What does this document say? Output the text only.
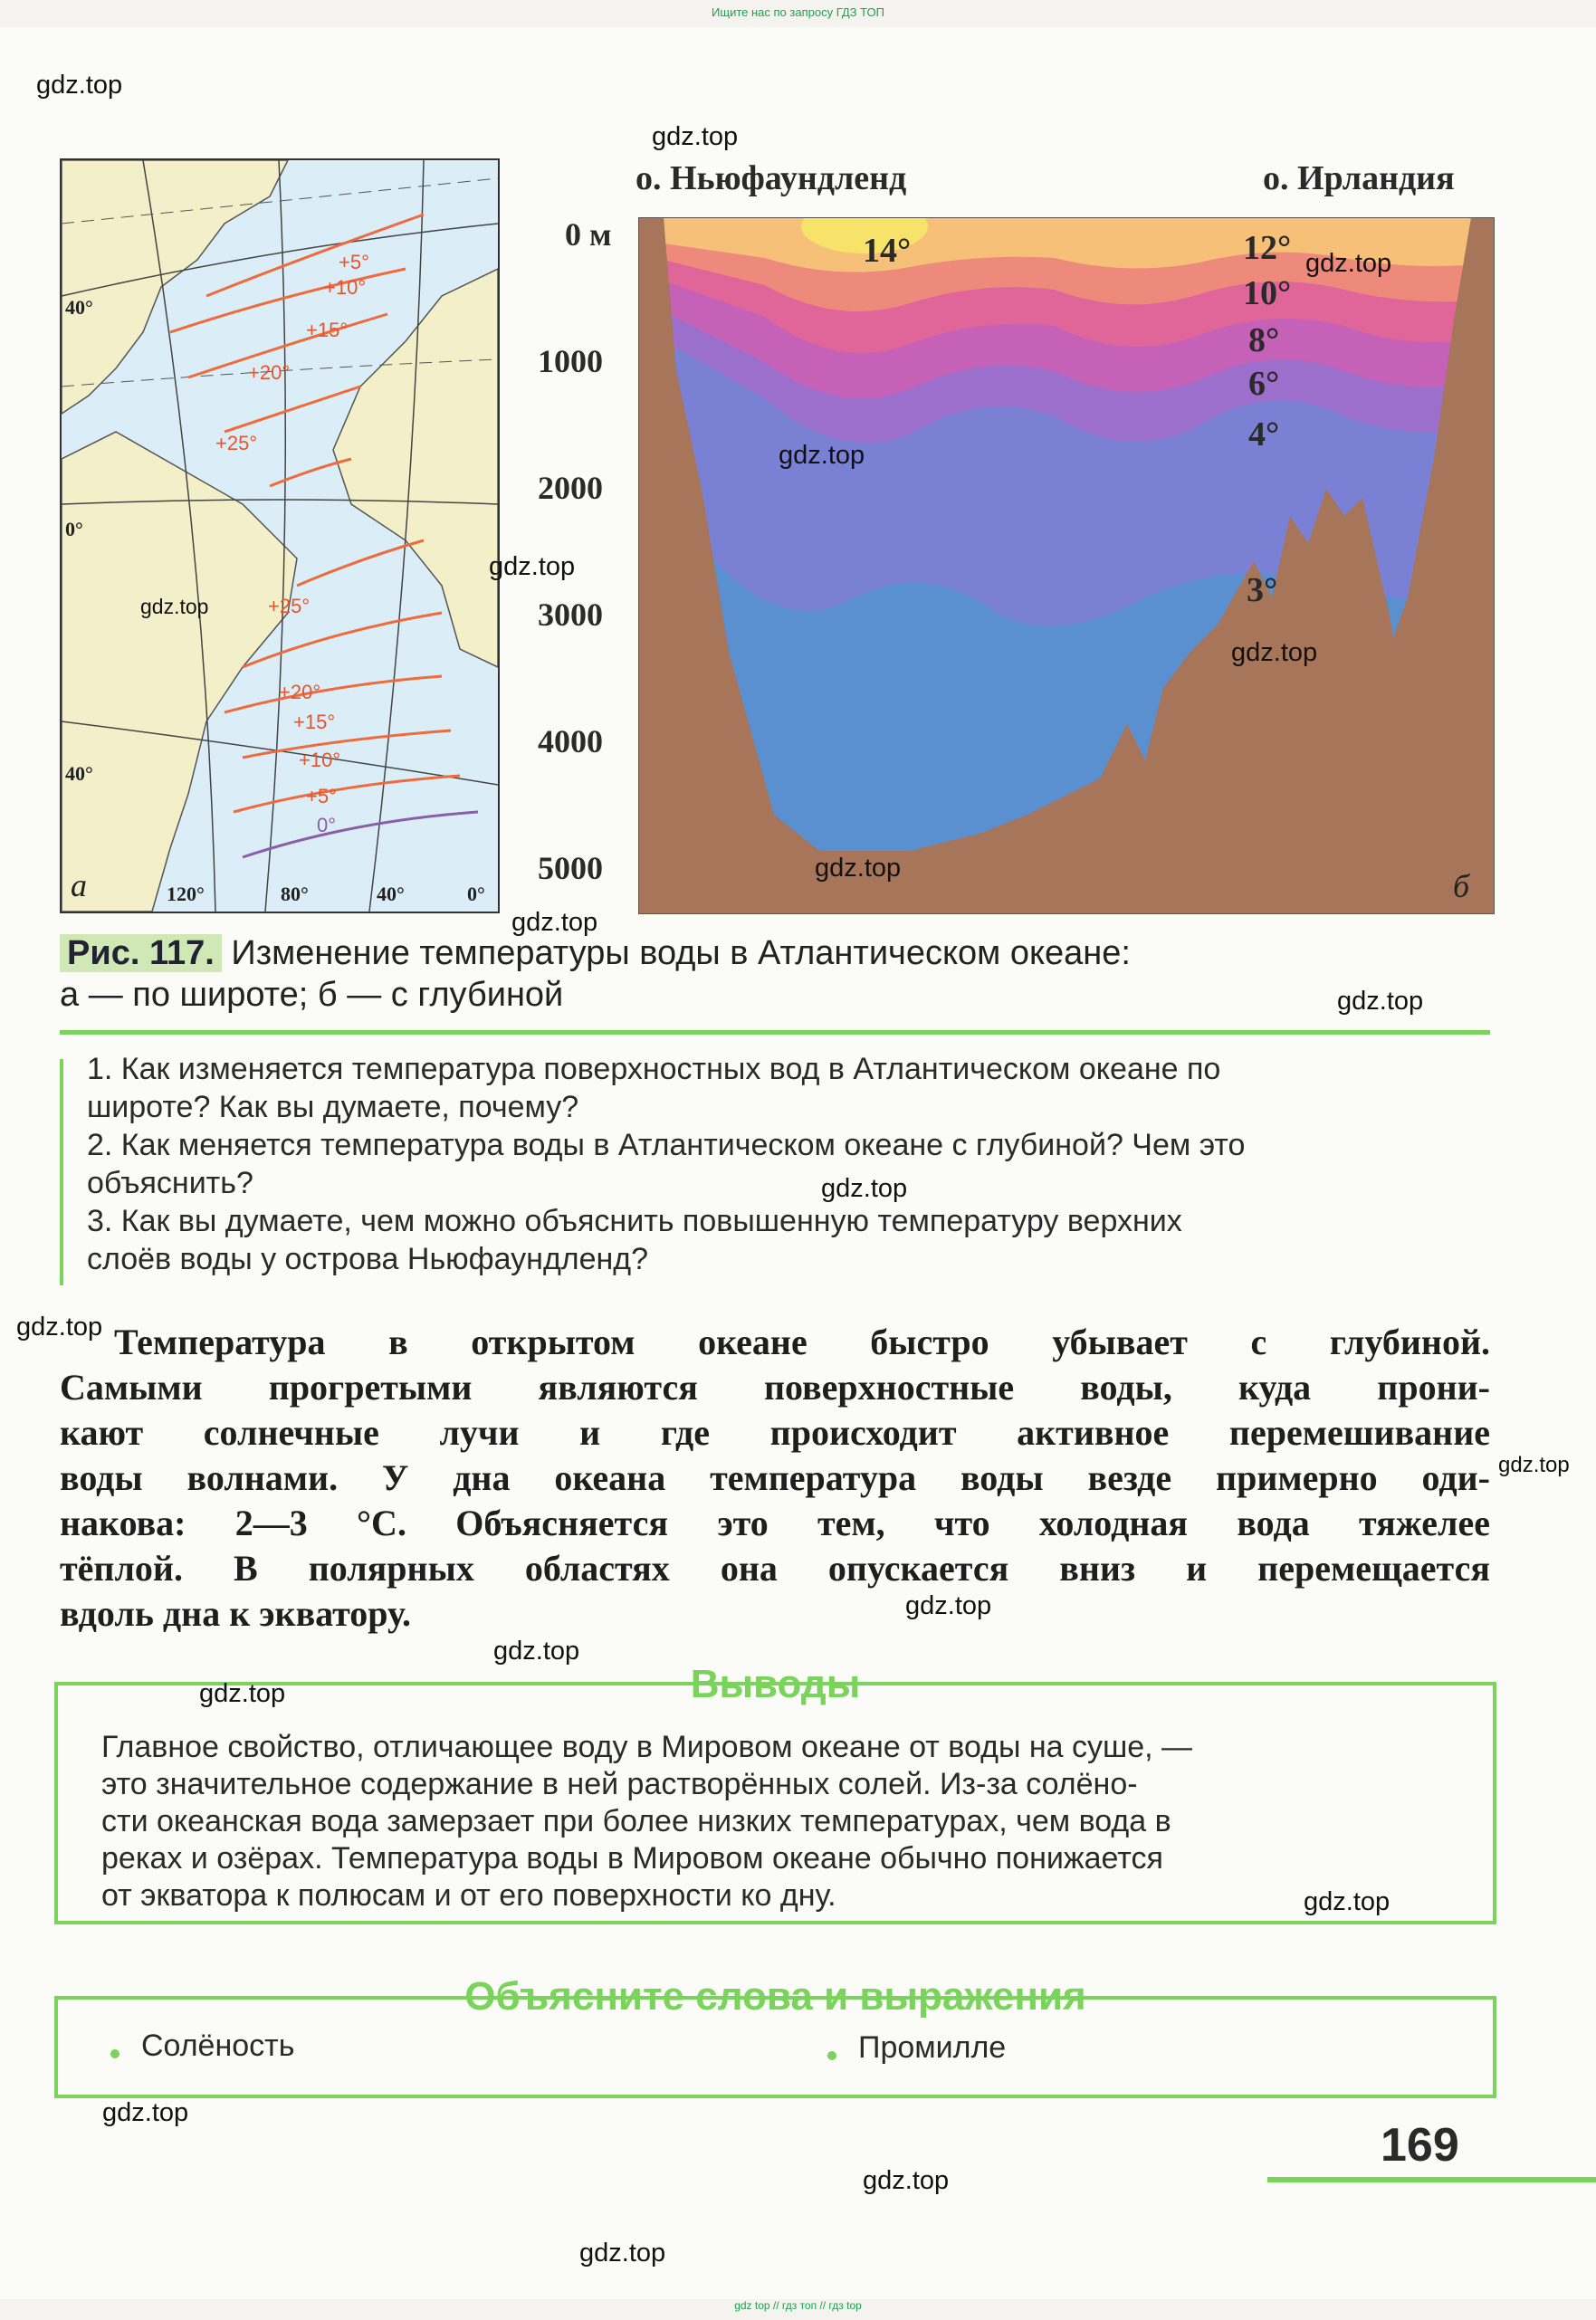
Ищите нас по запросу ГДЗ ТОП
40°
0°
40°
120°	80°	40°	0°
+5°
+10°
+15°
+20°
+25°
+25°
+20°
+15°
+10°
+5°
0°
а
о. Ньюфаундленд	о. Ирландия
0 м
1000
2000
3000
4000
5000
14°	12°
10°
8°
6°
4°
3°
б
Рис. 117. Изменение температуры воды в Атлантическом океане:
а — по широте; б — с глубиной
1. Как изменяется температура поверхностных вод в Атлантическом океане по
широте? Как вы думаете, почему?
2. Как меняется температура воды в Атлантическом океане с глубиной? Чем это
объяснить?
3. Как вы думаете, чем можно объяснить повышенную температуру верхних
слоёв воды у острова Ньюфаундленд?
Температура в открытом океане быстро убывает с глубиной.
Самыми прогретыми являются поверхностные воды, куда прони-
кают солнечные лучи и где происходит активное перемешивание
воды волнами. У дна океана температура воды везде примерно оди-
накова: 2—3 °С. Объясняется это тем, что холодная вода тяжелее
тёплой. В полярных областях она опускается вниз и перемещается
вдоль дна к экватору.
Выводы
Главное свойство, отличающее воду в Мировом океане от воды на суше, —
это значительное содержание в ней растворённых солей. Из-за солёно-
сти океанская вода замерзает при более низких температурах, чем вода в
реках и озёрах. Температура воды в Мировом океане обычно понижается
от экватора к полюсам и от его поверхности ко дну.
Объясните слова и выражения
Солёность	Промилле
169
gdz.top
gdz.top
gdz.top
gdz.top
gdz.top
gdz.top
gdz.top
gdz.top
gdz.top
gdz.top
gdz.top
gdz.top
gdz.top
gdz.top
gdz.top
gdz.top
gdz.top
gdz.top
gdz.top
gdz.top
gdz top // гдз топ // гдз top
